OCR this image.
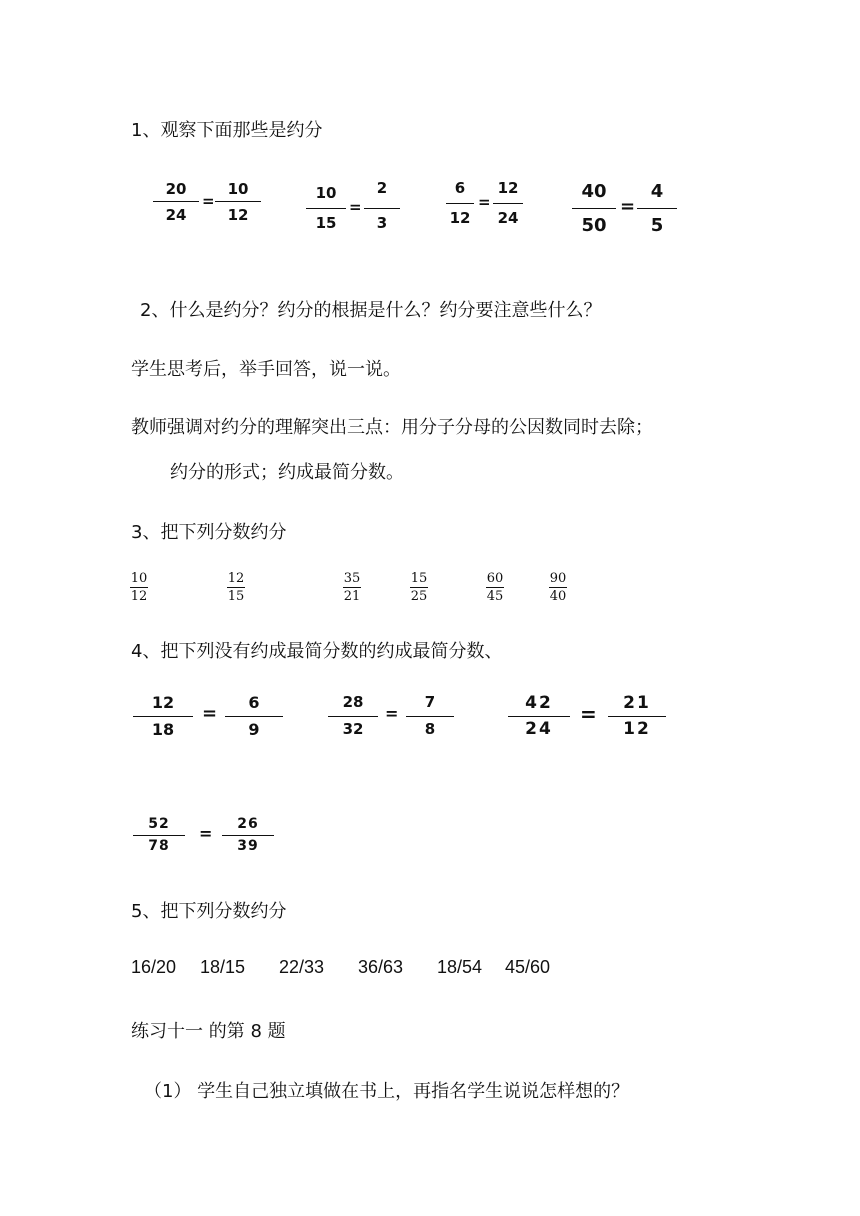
1、观察下面那些是约分
20
24
=
10
12
10
15
=
2
3
6
12
=
12
24
40
50
=
4
5
2、什么是约分？约分的根据是什么？约分要注意些什么？
学生思考后，举手回答，说一说。
教师强调对约分的理解突出三点：用分子分母的公因数同时去除；
约分的形式；约成最简分数。
3、把下列分数约分
10
12
12
15
35
21
15
25
60
45
90
40
4、把下列没有约成最简分数的约成最简分数、
12
18
=
6
9
28
32
=
7
8
42
24
=	21
12
52
78
=	26
39
5、把下列分数约分
16/20 18/15 22/33 36/63 18/54 45/60
练习十一 的第 8 题
（1） 学生自己独立填做在书上，再指名学生说说怎样想的？
